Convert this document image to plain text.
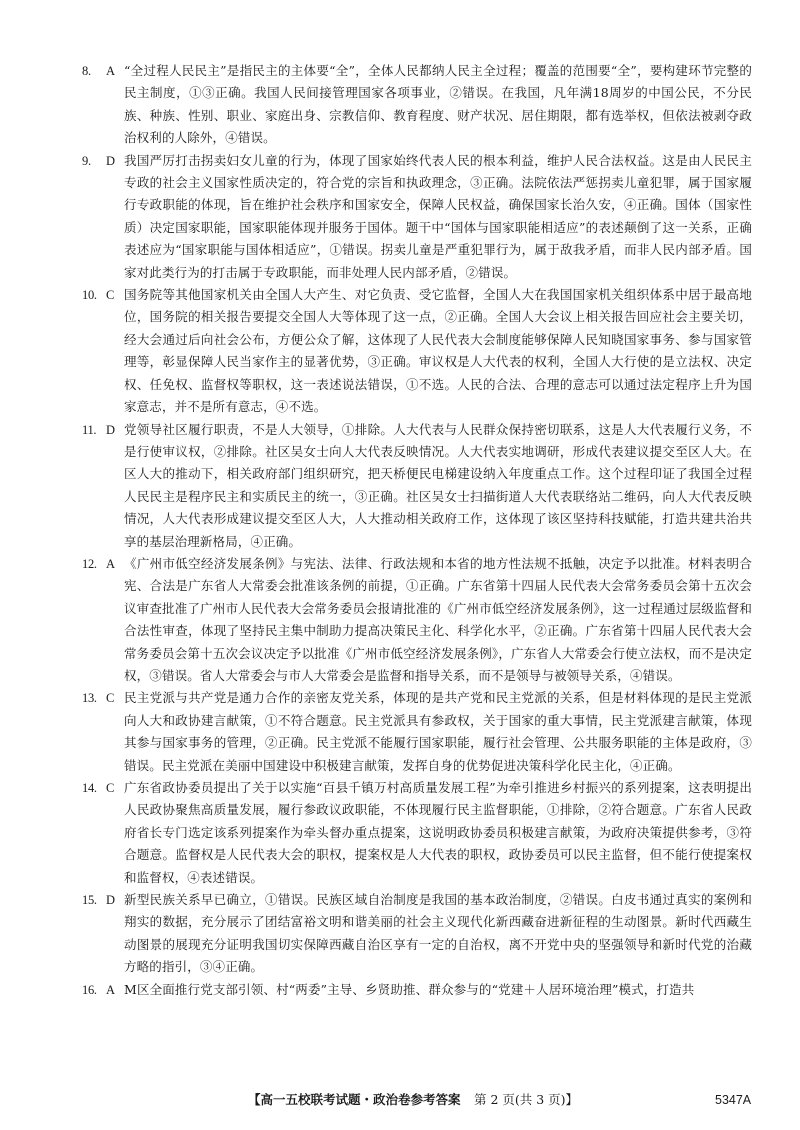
8.	A “全过程人民民主”是指民主的主体要“全”，全体人民都纳人民主全过程；覆盖的范围要“全”，要构建环节完整的民主制度，①③正确。我国人民间接管理国家各项事业，②错误。在我国，凡年满18周岁的中国公民，不分民族、种族、性别、职业、家庭出身、宗教信仰、教育程度、财产状况、居住期限，都有选举权，但依法被剥夺政治权利的人除外，④错误。
9.	D 我国严厉打击拐卖妇女儿童的行为，体现了国家始终代表人民的根本利益，维护人民合法权益。这是由人民民主专政的社会主义国家性质决定的，符合党的宗旨和执政理念，③正确。法院依法严惩拐卖儿童犯罪，属于国家履行专政职能的体现，旨在维护社会秩序和国家安全，保障人民权益，确保国家长治久安，④正确。国体（国家性质）决定国家职能，国家职能体现并服务于国体。题干中“国体与国家职能相适应”的表述颠倒了这一关系，正确表述应为“国家职能与国体相适应”，①错误。拐卖儿童是严重犯罪行为，属于敌我矛盾，而非人民内部矛盾。国家对此类行为的打击属于专政职能，而非处理人民内部矛盾，②错误。
10. C 国务院等其他国家机关由全国人大产生、对它负责、受它监督，全国人大在我国国家机关组织体系中居于最高地位，国务院的相关报告要提交全国人大等体现了这一点，②正确。全国人大会议上相关报告回应社会主要关切，经大会通过后向社会公布，方便公众了解，这体现了人民代表大会制度能够保障人民知晓国家事务、参与国家管理等，彰显保障人民当家作主的显著优势，③正确。审议权是人大代表的权利，全国人大行使的是立法权、决定权、任免权、监督权等职权，这一表述说法错误，①不选。人民的合法、合理的意志可以通过法定程序上升为国家意志，并不是所有意志，④不选。
11. D 党领导社区履行职责，不是人大领导，①排除。人大代表与人民群众保持密切联系，这是人大代表履行义务，不是行使审议权，②排除。社区吴女士向人大代表反映情况。人大代表实地调研，形成代表建议提交至区人大。在区人大的推动下，相关政府部门组织研究，把天桥便民电梯建设纳入年度重点工作。这个过程印证了我国全过程人民民主是程序民主和实质民主的统一，③正确。社区吴女士扫描街道人大代表联络站二维码，向人大代表反映情况，人大代表形成建议提交至区人大，人大推动相关政府工作，这体现了该区坚持科技赋能，打造共建共治共享的基层治理新格局，④正确。
12. A 《广州市低空经济发展条例》与宪法、法律、行政法规和本省的地方性法规不抵触，决定予以批准。材料表明合宪、合法是广东省人大常委会批准该条例的前提，①正确。广东省第十四届人民代表大会常务委员会第十五次会议审查批准了广州市人民代表大会常务委员会报请批准的《广州市低空经济发展条例》，这一过程通过层级监督和合法性审查，体现了坚持民主集中制助力提高决策民主化、科学化水平，②正确。广东省第十四届人民代表大会常务委员会第十五次会议决定予以批准《广州市低空经济发展条例》，广东省人大常委会行使立法权，而不是决定权，③错误。省人大常委会与市人大常委会是监督和指导关系，而不是领导与被领导关系，④错误。
13. C 民主党派与共产党是通力合作的亲密友党关系，体现的是共产党和民主党派的关系，但是材料体现的是民主党派向人大和政协建言献策，①不符合题意。民主党派具有参政权，关于国家的重大事情，民主党派建言献策，体现其参与国家事务的管理，②正确。民主党派不能履行国家职能，履行社会管理、公共服务职能的主体是政府，③错误。民主党派在美丽中国建设中积极建言献策，发挥自身的优势促进决策科学化民主化，④正确。
14. C 广东省政协委员提出了关于以实施“百县千镇万村高质量发展工程”为牵引推进乡村振兴的系列提案，这表明提出人民政协聚焦高质量发展，履行参政议政职能，不体现履行民主监督职能，①排除，②符合题意。广东省人民政府省长专门选定该系列提案作为牵头督办重点提案，这说明政协委员积极建言献策，为政府决策提供参考，③符合题意。监督权是人民代表大会的职权，提案权是人大代表的职权，政协委员可以民主监督，但不能行使提案权和监督权，④表述错误。
15. D 新型民族关系早已确立，①错误。民族区域自治制度是我国的基本政治制度，②错误。白皮书通过真实的案例和翔实的数据，充分展示了团结富裕文明和谐美丽的社会主义现代化新西藏奋进新征程的生动图景。新时代西藏生动图景的展现充分证明我国切实保障西藏自治区享有一定的自治权，离不开党中央的坚强领导和新时代党的治藏方略的指引，③④正确。
16. A M区全面推行党支部引领、村“两委”主导、乡贤助推、群众参与的“党建＋人居环境治理”模式，打造共
【高一五校联考试题・政治卷参考答案 第 2 页(共 3 页)】	5347A
